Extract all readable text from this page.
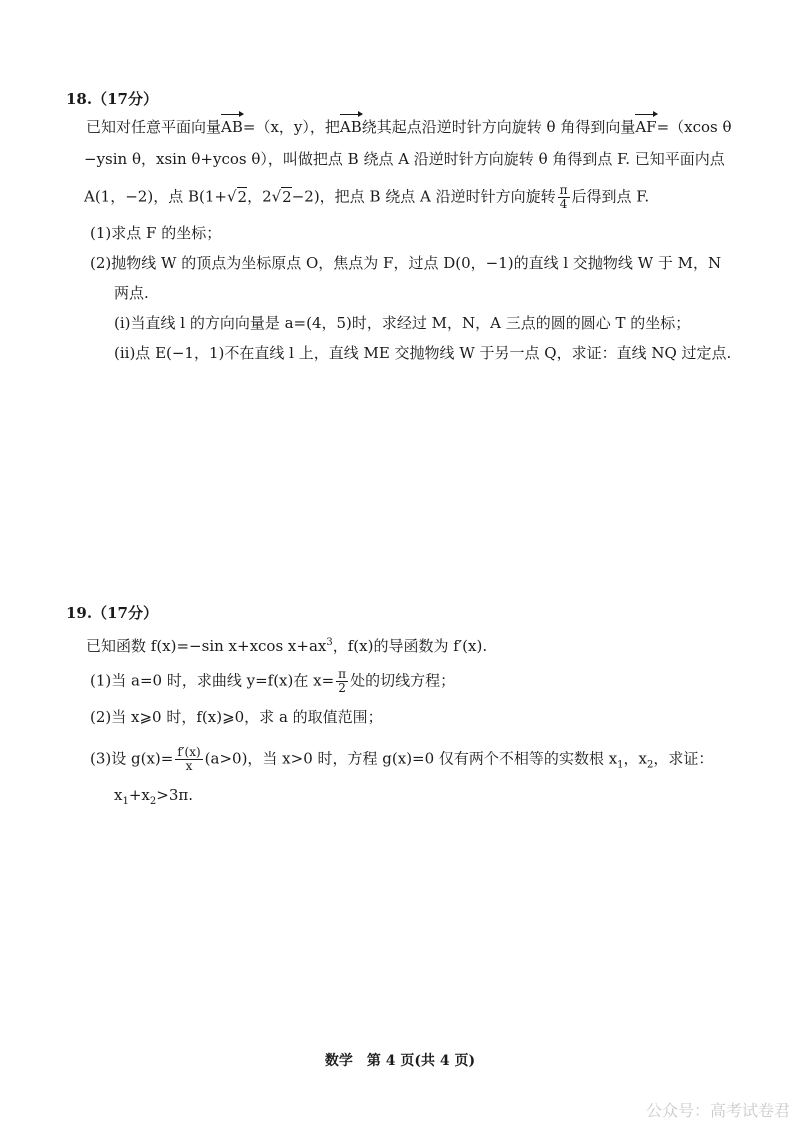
18.（17分）
已知对任意平面向量AB=（x，y），把AB绕其起点沿逆时针方向旋转 θ 角得到向量AF=（xcos θ
−ysin θ，xsin θ+ycos θ），叫做把点 B 绕点 A 沿逆时针方向旋转 θ 角得到点 F. 已知平面内点
A(1，−2)，点 B(1+√2，2√2−2)，把点 B 绕点 A 沿逆时针方向旋转 $\frac{\pi}{4}$ 后得到点 F.
(1)求点 F 的坐标；
(2)抛物线 W 的顶点为坐标原点 O，焦点为 F，过点 D(0，−1)的直线 l 交抛物线 W 于 M，N
两点.
(i)当直线 l 的方向向量是 a=(4，5)时，求经过 M，N，A 三点的圆的圆心 T 的坐标；
(ii)点 E(−1，1)不在直线 l 上，直线 ME 交抛物线 W 于另一点 Q，求证：直线 NQ 过定点.
19.（17分）
已知函数 f(x)=−sin x+xcos $x+ax^3$，f(x)的导函数为 f′(x).
(1)当 a=0 时，求曲线 y=f(x)在 $x= \frac{\pi}{2}$ 处的切线方程；
(2)当 x⩾0 时，f(x)⩾0，求 a 的取值范围；
(3)设 $g(x)= \frac{f'(x)}{x} (a>0)$，当 x>0 时，方程 g(x)=0 仅有两个不相等的实数根 $x_1$，$x_2$，求证：
$x_1+x_2>3\pi$.
数学　第 4 页(共 4 页)
公众号：高考试卷君
